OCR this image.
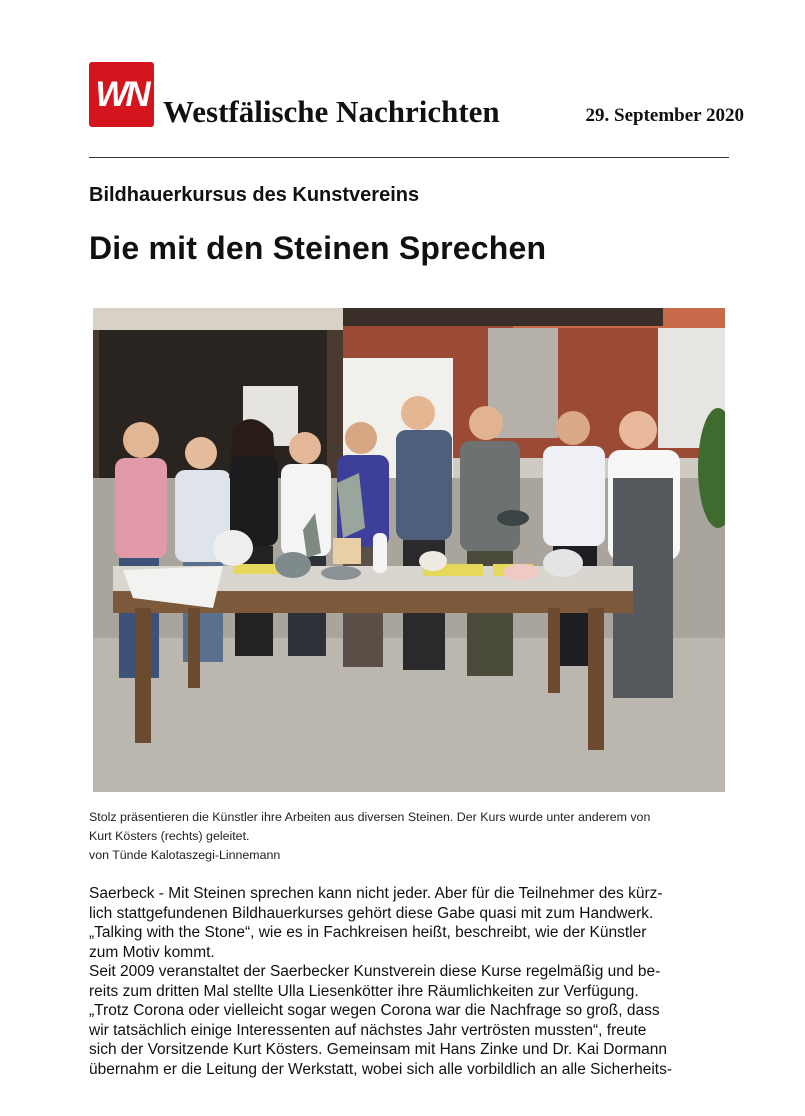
WN Westfälische Nachrichten	29. September 2020
Bildhauerkursus des Kunstvereins
Die mit den Steinen Sprechen

Stolz präsentieren die Künstler ihre Arbeiten aus diversen Steinen. Der Kurs wurde unter anderem von

Kurt Kösters (rechts) geleitet.

von Tünde Kalotaszegi-Linnemann

Saerbeck - Mit Steinen sprechen kann nicht jeder. Aber für die Teilnehmer des kürz-

lich stattgefundenen Bildhauerkurses gehört diese Gabe quasi mit zum Handwerk.

„Talking with the Stone“, wie es in Fachkreisen heißt, beschreibt, wie der Künstler

zum Motiv kommt.

Seit 2009 veranstaltet der Saerbecker Kunstverein diese Kurse regelmäßig und be-

reits zum dritten Mal stellte Ulla Liesenkötter ihre Räumlichkeiten zur Verfügung.

„Trotz Corona oder vielleicht sogar wegen Corona war die Nachfrage so groß, dass

wir tatsächlich einige Interessenten auf nächstes Jahr vertrösten mussten“, freute

sich der Vorsitzende Kurt Kösters. Gemeinsam mit Hans Zinke und Dr. Kai Dormann

übernahm er die Leitung der Werkstatt, wobei sich alle vorbildlich an alle Sicherheits-
